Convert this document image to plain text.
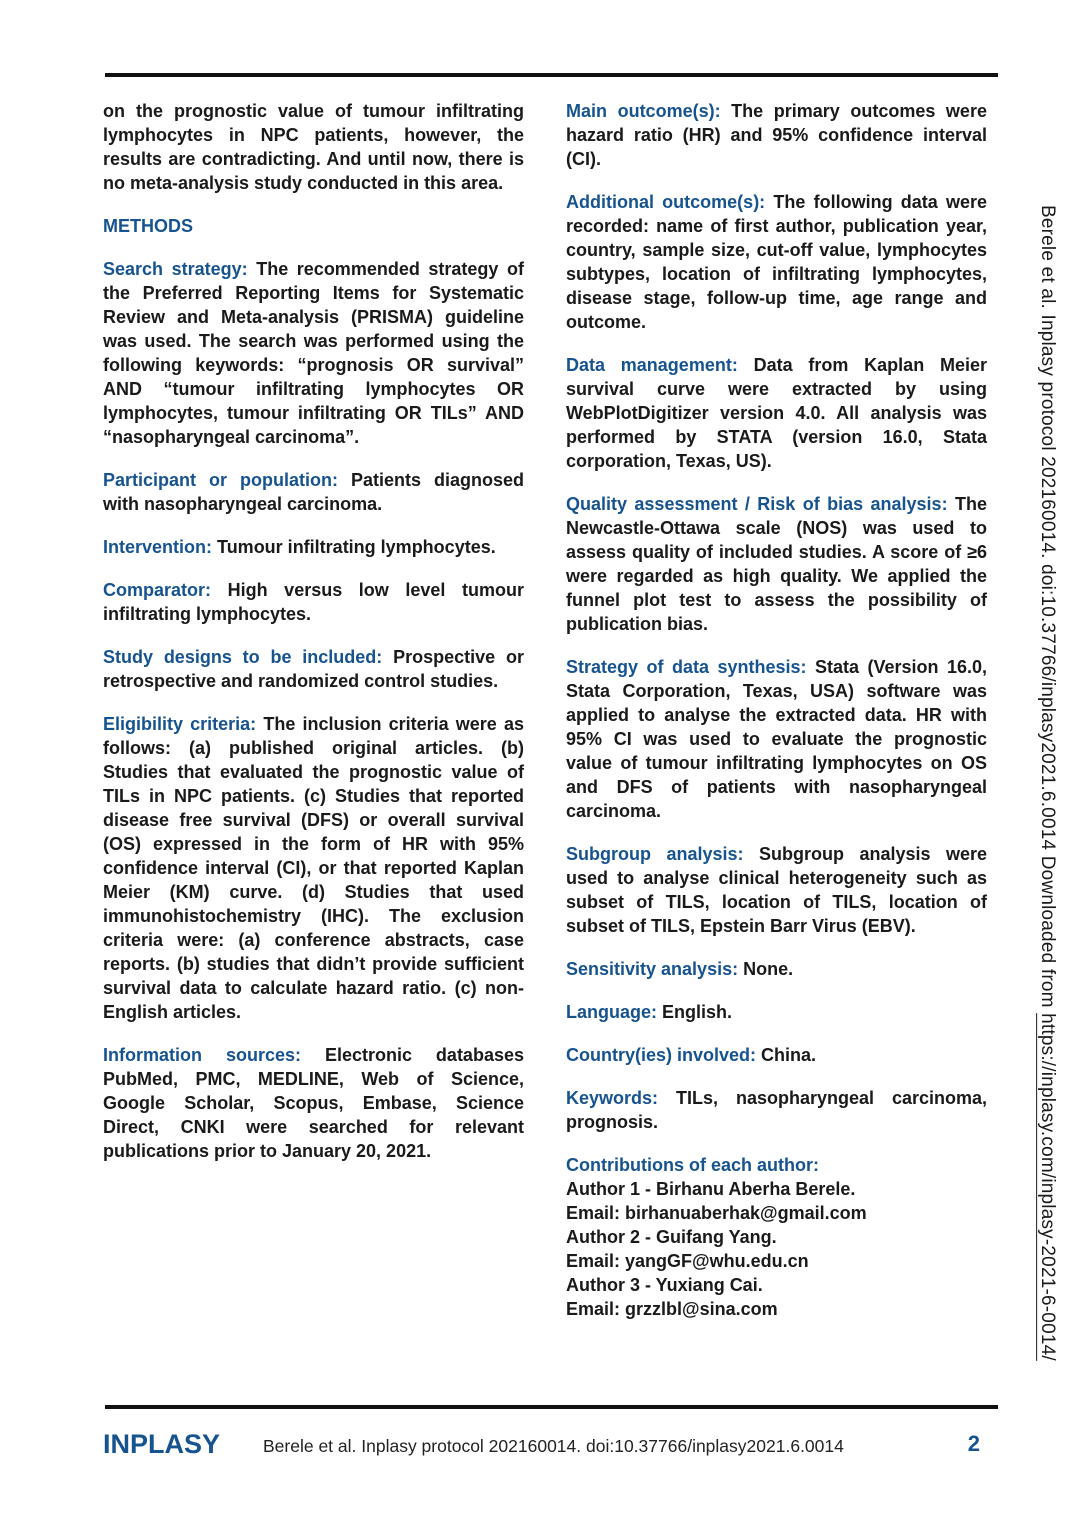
on the prognostic value of tumour infiltrating lymphocytes in NPC patients, however, the results are contradicting. And until now, there is no meta-analysis study conducted in this area.

METHODS

Search strategy: The recommended strategy of the Preferred Reporting Items for Systematic Review and Meta-analysis (PRISMA) guideline was used. The search was performed using the following keywords: “prognosis OR survival” AND “tumour infiltrating lymphocytes OR lymphocytes, tumour infiltrating OR TILs” AND “nasopharyngeal carcinoma”.

Participant or population: Patients diagnosed with nasopharyngeal carcinoma.

Intervention: Tumour infiltrating lymphocytes.

Comparator: High versus low level tumour infiltrating lymphocytes.

Study designs to be included: Prospective or retrospective and randomized control studies.

Eligibility criteria: The inclusion criteria were as follows: (a) published original articles. (b) Studies that evaluated the prognostic value of TILs in NPC patients. (c) Studies that reported disease free survival (DFS) or overall survival (OS) expressed in the form of HR with 95% confidence interval (CI), or that reported Kaplan Meier (KM) curve. (d) Studies that used immunohistochemistry (IHC). The exclusion criteria were: (a) conference abstracts, case reports. (b) studies that didn’t provide sufficient survival data to calculate hazard ratio. (c) non-English articles.

Information sources: Electronic databases PubMed, PMC, MEDLINE, Web of Science, Google Scholar, Scopus, Embase, Science Direct, CNKI were searched for relevant publications prior to January 20, 2021.

Main outcome(s): The primary outcomes were hazard ratio (HR) and 95% confidence interval (CI).

Additional outcome(s): The following data were recorded: name of first author, publication year, country, sample size, cut-off value, lymphocytes subtypes, location of infiltrating lymphocytes, disease stage, follow-up time, age range and outcome.

Data management: Data from Kaplan Meier survival curve were extracted by using WebPlotDigitizer version 4.0. All analysis was performed by STATA (version 16.0, Stata corporation, Texas, US).

Quality assessment / Risk of bias analysis: The Newcastle-Ottawa scale (NOS) was used to assess quality of included studies. A score of ≥6 were regarded as high quality. We applied the funnel plot test to assess the possibility of publication bias.

Strategy of data synthesis: Stata (Version 16.0, Stata Corporation, Texas, USA) software was applied to analyse the extracted data. HR with 95% CI was used to evaluate the prognostic value of tumour infiltrating lymphocytes on OS and DFS of patients with nasopharyngeal carcinoma.

Subgroup analysis: Subgroup analysis were used to analyse clinical heterogeneity such as subset of TILS, location of TILS, location of subset of TILS, Epstein Barr Virus (EBV).

Sensitivity analysis: None.

Language: English.

Country(ies) involved: China.

Keywords: TILs, nasopharyngeal carcinoma, prognosis.

Contributions of each author:
Author 1 - Birhanu Aberha Berele.
Email: birhanuaberhak@gmail.com
Author 2 - Guifang Yang.
Email: yangGF@whu.edu.cn
Author 3 - Yuxiang Cai.
Email: grzzlbl@sina.com

Berele et al. Inplasy protocol 202160014. doi:10.37766/inplasy2021.6.0014 Downloaded from https://inplasy.com/inplasy-2021-6-0014/
INPLASY Berele et al. Inplasy protocol 202160014. doi:10.37766/inplasy2021.6.0014	2
